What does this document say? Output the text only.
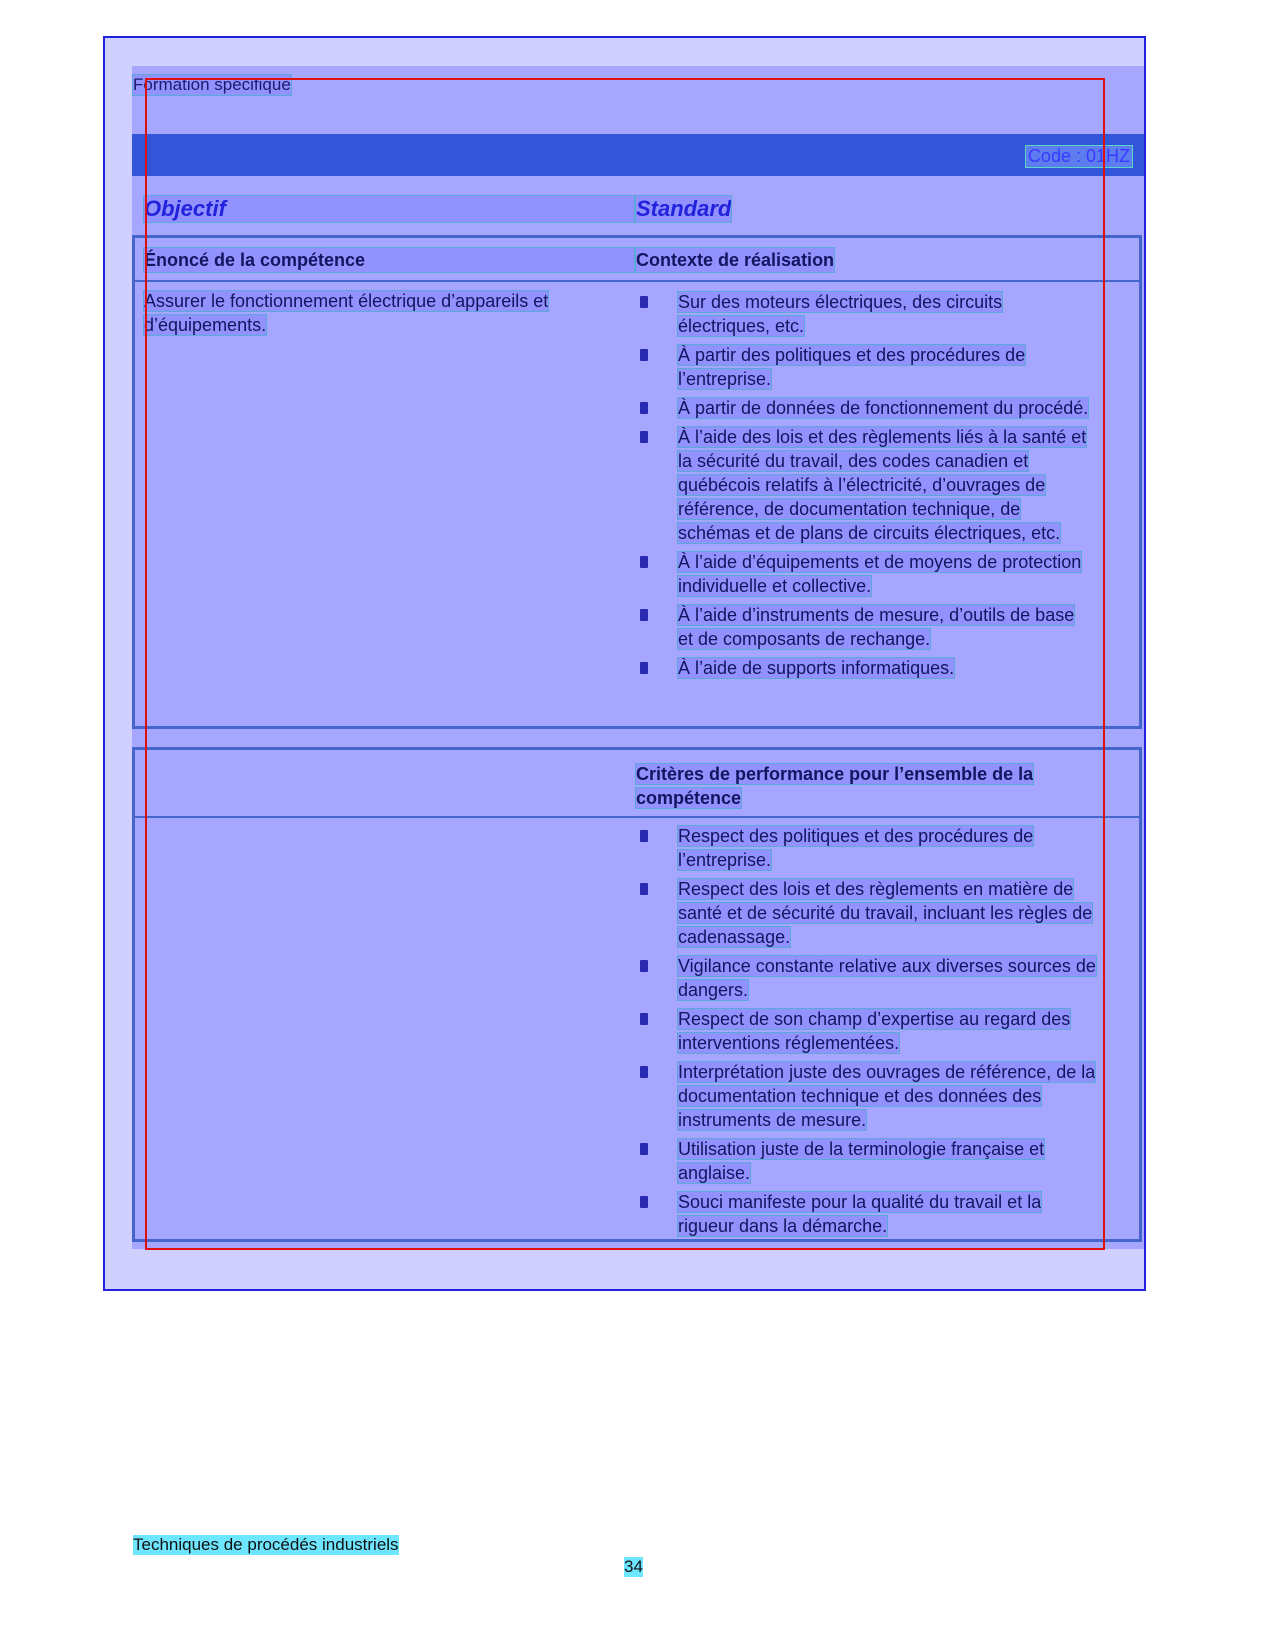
Formation spécifique
Code : 01HZ
Objectif	Standard
Énoncé de la compétence	Contexte de réalisation
Assurer le fonctionnement électrique d’appareils et d’équipements.
Sur des moteurs électriques, des circuits électriques, etc.
À partir des politiques et des procédures de l’entreprise.
À partir de données de fonctionnement du procédé.
À l’aide des lois et des règlements liés à la santé et la sécurité du travail, des codes canadien et québécois relatifs à l’électricité, d’ouvrages de référence, de documentation technique, de schémas et de plans de circuits électriques, etc.
À l’aide d’équipements et de moyens de protection individuelle et collective.
À l’aide d’instruments de mesure, d’outils de base et de composants de rechange.
À l’aide de supports informatiques.
Critères de performance pour l’ensemble de la compétence
Respect des politiques et des procédures de l’entreprise.
Respect des lois et des règlements en matière de santé et de sécurité du travail, incluant les règles de cadenassage.
Vigilance constante relative aux diverses sources de dangers.
Respect de son champ d’expertise au regard des interventions réglementées.
Interprétation juste des ouvrages de référence, de la documentation technique et des données des instruments de mesure.
Utilisation juste de la terminologie française et anglaise.
Souci manifeste pour la qualité du travail et la rigueur dans la démarche.
Techniques de procédés industriels
34
